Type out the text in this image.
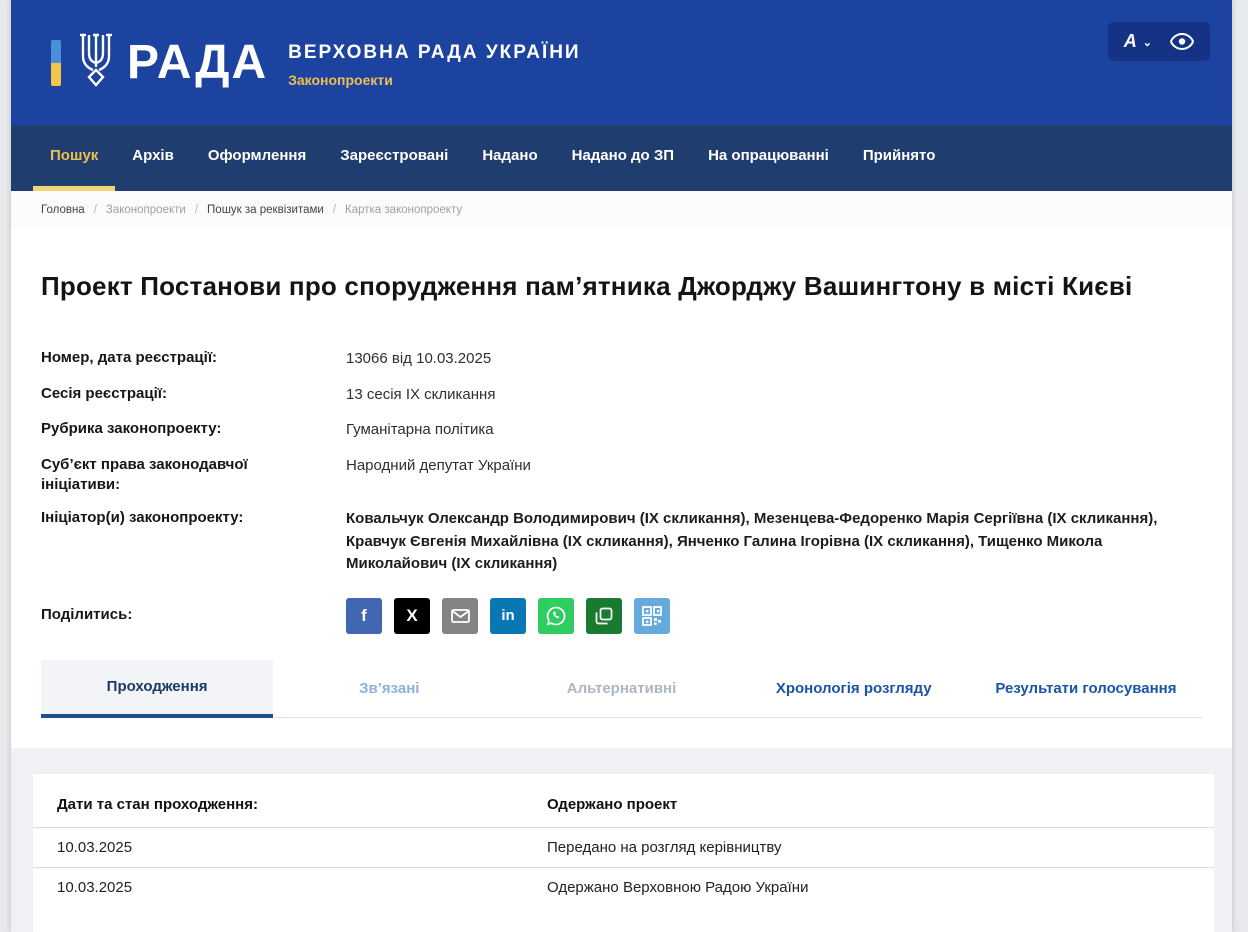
РАДА ВЕРХОВНА РАДА УКРАЇНИ
Законопроекти
A ⌄
Пошук	Архів	Оформлення	Зареєстровані	Надано	Надано до ЗП	На опрацюванні	Прийнято
Головна / Законопроекти / Пошук за реквізитами / Картка законопроекту
Проект Постанови про спорудження пам’ятника Джорджу Вашингтону в місті Києві
Номер, дата реєстрації:	13066 від 10.03.2025
Сесія реєстрації:	13 сесія ІХ скликання
Рубрика законопроекту:	Гуманітарна політика
Суб’єкт права законодавчої ініціативи:
Народний депутат України
Ініціатор(и) законопроекту:	Ковальчук Олександр Володимирович (ІХ скликання), Мезенцева-Федоренко Марія Сергіївна (ІХ скликання), Кравчук Євгенія Михайлівна (ІХ скликання), Янченко Галина Ігорівна (ІХ скликання), Тищенко Микола Миколайович (ІХ скликання)
Поділитись:	f X	in
Проходження	Зв’язані	Альтернативні	Хронологія розгляду	Результати голосування
Дати та стан проходження:	Одержано проект
10.03.2025	Передано на розгляд керівництву
10.03.2025	Одержано Верховною Радою України
